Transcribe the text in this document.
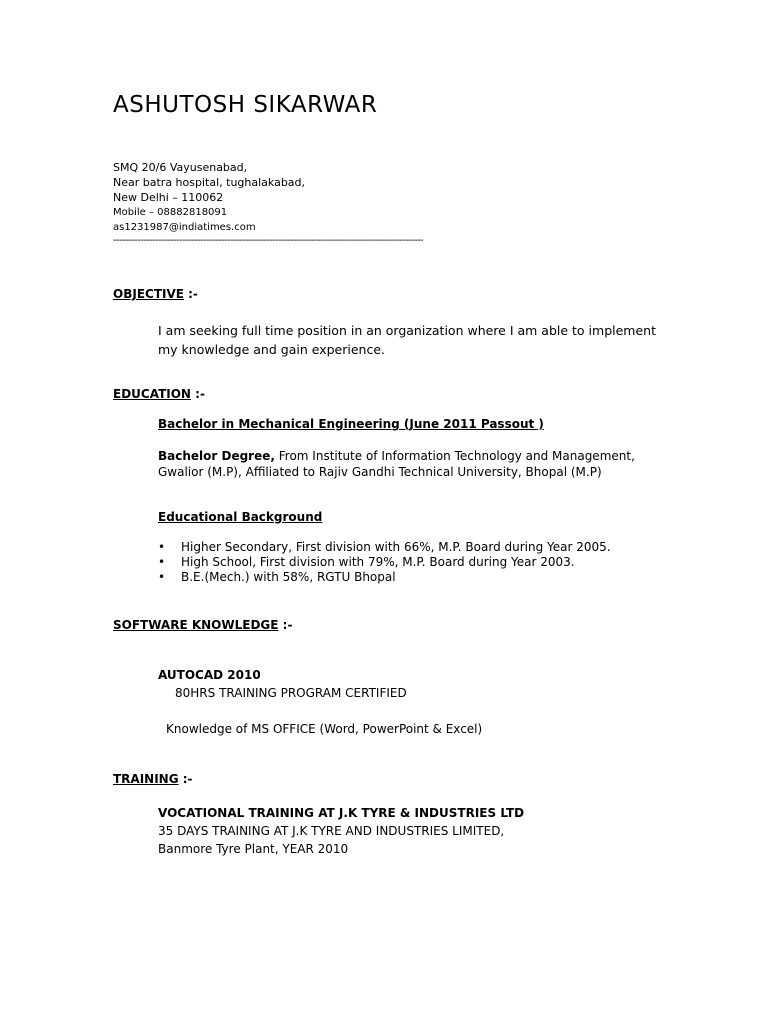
ASHUTOSH SIKARWAR
SMQ 20/6 Vayusenabad,
Near batra hospital, tughalakabad,
New Delhi – 110062
Mobile – 08882818091
as1231987@indiatimes.com
-------------------------------------------------------------------------------------------------------
OBJECTIVE :-
I am seeking full time position in an organization where I am able to implement my knowledge and gain experience.
EDUCATION :-
Bachelor in Mechanical Engineering (June 2011 Passout )
Bachelor Degree, From Institute of Information Technology and Management, Gwalior (M.P), Affiliated to Rajiv Gandhi Technical University, Bhopal (M.P)
Educational Background
• Higher Secondary, First division with 66%, M.P. Board during Year 2005.
• High School, First division with 79%, M.P. Board during Year 2003.
• B.E.(Mech.) with 58%, RGTU Bhopal
SOFTWARE KNOWLEDGE :-
AUTOCAD 2010
80HRS TRAINING PROGRAM CERTIFIED
Knowledge of MS OFFICE (Word, PowerPoint & Excel)
TRAINING :-
VOCATIONAL TRAINING AT J.K TYRE & INDUSTRIES LTD
35 DAYS TRAINING AT J.K TYRE AND INDUSTRIES LIMITED,
Banmore Tyre Plant, YEAR 2010
